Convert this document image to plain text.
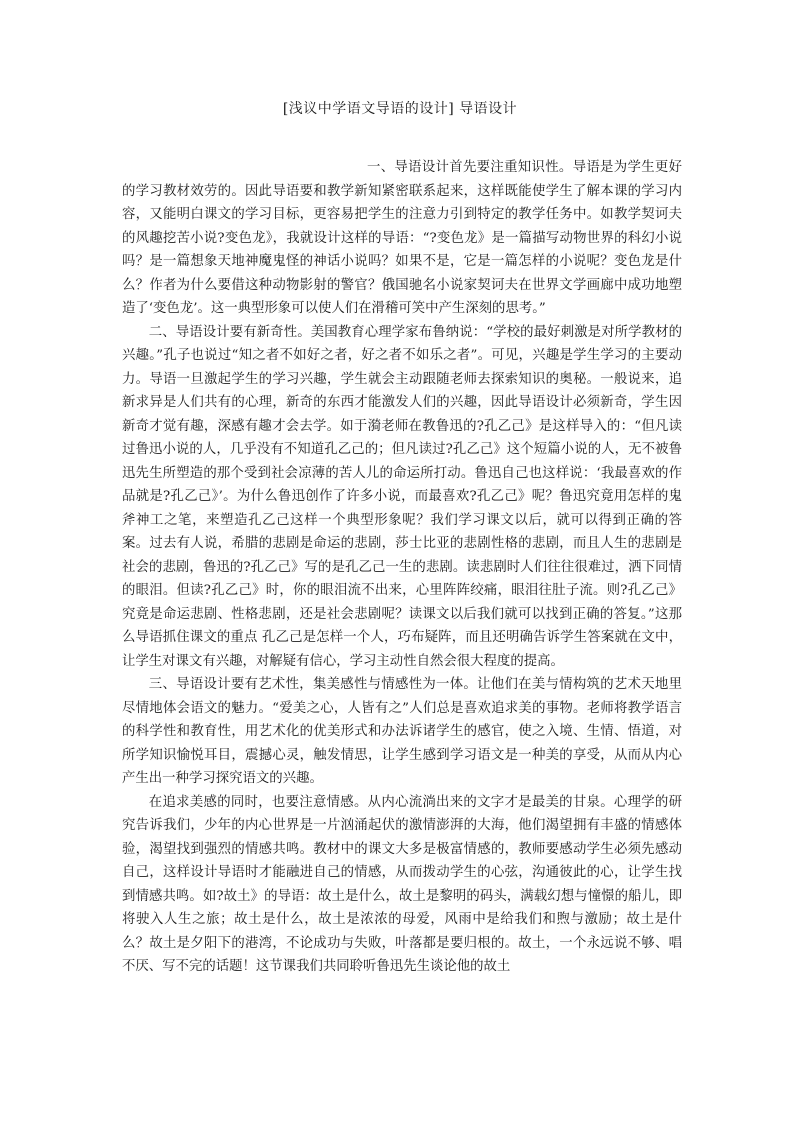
[浅议中学语文导语的设计] 导语设计

一、导语设计首先要注重知识性。导语是为学生更好的学习教材效劳的。因此导语要和教学新知紧密联系起来，这样既能使学生了解本课的学习内容，又能明白课文的学习目标，更容易把学生的注意力引到特定的教学任务中。如教学契诃夫的风趣挖苦小说?变色龙》，我就设计这样的导语：“?变色龙》是一篇描写动物世界的科幻小说吗？是一篇想象天地神魔鬼怪的神话小说吗？如果不是，它是一篇怎样的小说呢？变色龙是什么？作者为什么要借这种动物影射的警官？俄国驰名小说家契诃夫在世界文学画廊中成功地塑造了‘变色龙’。这一典型形象可以使人们在滑稽可笑中产生深刻的思考。”

二、导语设计要有新奇性。美国教育心理学家布鲁纳说：“学校的最好刺激是对所学教材的兴趣。”孔子也说过“知之者不如好之者，好之者不如乐之者”。可见，兴趣是学生学习的主要动力。导语一旦激起学生的学习兴趣，学生就会主动跟随老师去探索知识的奥秘。一般说来，追新求异是人们共有的心理，新奇的东西才能激发人们的兴趣，因此导语设计必须新奇，学生因新奇才觉有趣，深感有趣才会去学。如于漪老师在教鲁迅的?孔乙己》是这样导入的：“但凡读过鲁迅小说的人，几乎没有不知道孔乙己的；但凡读过?孔乙己》这个短篇小说的人，无不被鲁迅先生所塑造的那个受到社会凉薄的苦人儿的命运所打动。鲁迅自己也这样说：‘我最喜欢的作品就是?孔乙己》’。为什么鲁迅创作了许多小说，而最喜欢?孔乙己》呢？鲁迅究竟用怎样的鬼斧神工之笔，来塑造孔乙己这样一个典型形象呢？我们学习课文以后，就可以得到正确的答案。过去有人说，希腊的悲剧是命运的悲剧，莎士比亚的悲剧性格的悲剧，而且人生的悲剧是社会的悲剧，鲁迅的?孔乙己》写的是孔乙己一生的悲剧。读悲剧时人们往往很难过，洒下同情的眼泪。但读?孔乙己》时，你的眼泪流不出来，心里阵阵绞痛，眼泪往肚子流。则?孔乙己》究竟是命运悲剧、性格悲剧，还是社会悲剧呢？读课文以后我们就可以找到正确的答复。”这那么导语抓住课文的重点 孔乙己是怎样一个人，巧布疑阵，而且还明确告诉学生答案就在文中，让学生对课文有兴趣，对解疑有信心，学习主动性自然会很大程度的提高。

三、导语设计要有艺术性，集美感性与情感性为一体。让他们在美与情构筑的艺术天地里尽情地体会语文的魅力。“爱美之心，人皆有之”人们总是喜欢追求美的事物。老师将教学语言的科学性和教育性，用艺术化的优美形式和办法诉诸学生的感官，使之入境、生情、悟道，对所学知识愉悦耳目，震撼心灵，触发情思，让学生感到学习语文是一种美的享受，从而从内心产生出一种学习探究语文的兴趣。

在追求美感的同时，也要注意情感。从内心流淌出来的文字才是最美的甘泉。心理学的研究告诉我们，少年的内心世界是一片汹涌起伏的激情澎湃的大海，他们渴望拥有丰盛的情感体验，渴望找到强烈的情感共鸣。教材中的课文大多是极富情感的，教师要感动学生必须先感动自己，这样设计导语时才能融进自己的情感，从而拨动学生的心弦，沟通彼此的心，让学生找到情感共鸣。如?故土》的导语：故土是什么，故土是黎明的码头，满载幻想与憧憬的船儿，即将驶入人生之旅；故土是什么，故土是浓浓的母爱，风雨中是给我们和煦与激励；故土是什么？故土是夕阳下的港湾，不论成功与失败，叶落都是要归根的。故土，一个永远说不够、唱不厌、写不完的话题！这节课我们共同聆听鲁迅先生谈论他的故土
